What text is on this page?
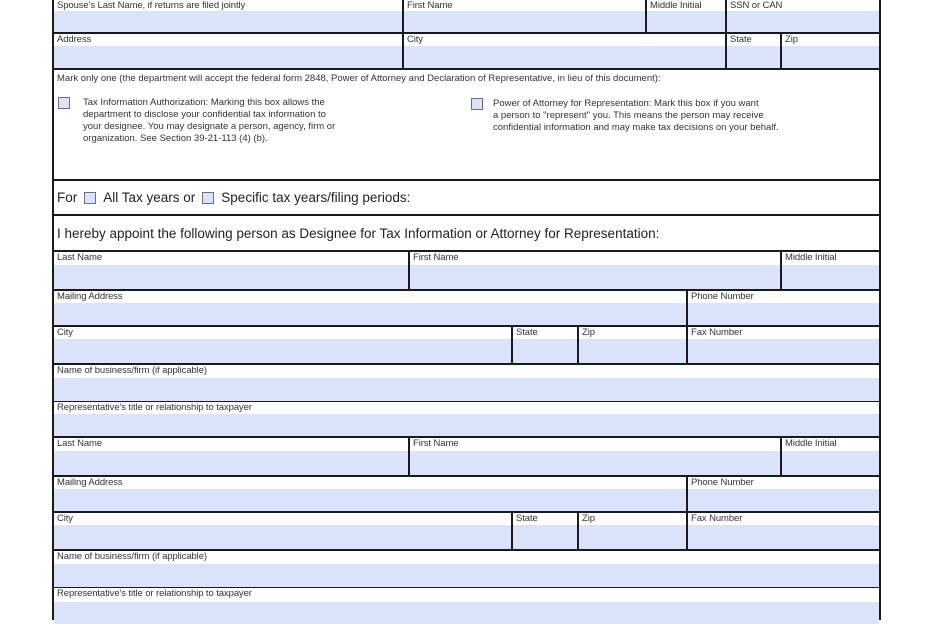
Spouse's Last Name, if returns are filed jointly	First Name	Middle Initial	SSN or CAN
Address	City	State	Zip
Mark only one (the department will accept the federal form 2848, Power of Attorney and Declaration of Representative, in lieu of this document):
Tax Information Authorization: Marking this box allows the
department to disclose your confidential tax information to
your designee. You may designate a person, agency, firm or
organization. See Section 39-21-113 (4) (b).
Power of Attorney for Representation: Mark this box if you want
a person to "represent" you. This means the person may receive
confidential information and may make tax decisions on your behalf.
For All Tax years or Specific tax years/filing periods:
I hereby appoint the following person as Designee for Tax Information or Attorney for Representation:
Last Name	First Name	Middle Initial
Mailing Address	Phone Number
City	State	Zip	Fax Number
Name of business/firm (if applicable)
Representative's title or relationship to taxpayer
Last Name	First Name	Middle Initial
Mailing Address	Phone Number
City	State	Zip	Fax Number
Name of business/firm (if applicable)
Representative's title or relationship to taxpayer
